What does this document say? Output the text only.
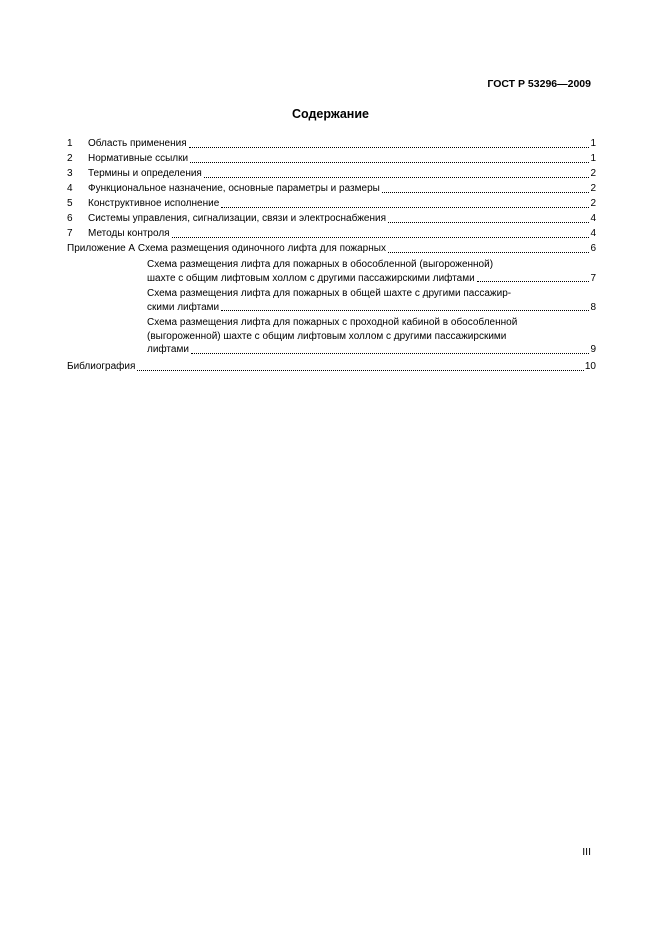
ГОСТ Р 53296—2009
Содержание
1	Область применения	1
2	Нормативные ссылки	1
3	Термины и определения	2
4	Функциональное назначение, основные параметры и размеры	2
5	Конструктивное исполнение	2
6	Системы управления, сигнализации, связи и электроснабжения	4
7	Методы контроля	4
Приложение А Схема размещения одиночного лифта для пожарных	6
Схема размещения лифта для пожарных в обособленной (выгороженной)
шахте с общим лифтовым холлом с другими пассажирскими лифтами	7
Схема размещения лифта для пожарных в общей шахте с другими пассажир-
скими лифтами	8
Схема размещения лифта для пожарных с проходной кабиной в обособленной
(выгороженной) шахте с общим лифтовым холлом с другими пассажирскими
лифтами	9
Библиография	10
III
